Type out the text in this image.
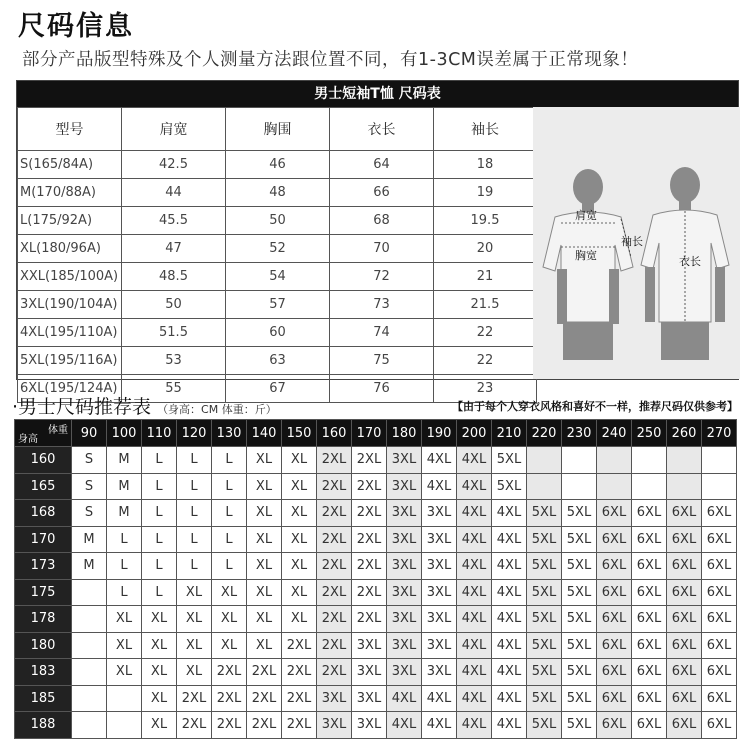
尺码信息
部分产品版型特殊及个人测量方法跟位置不同，有1-3CM误差属于正常现象！
男士短袖T恤 尺码表
型号	肩宽	胸围	衣长	袖长
S(165/84A)	42.5	46	64	18
M(170/88A)	44	48	66	19
L(175/92A)	45.5	50	68	19.5
XL(180/96A)	47	52	70	20
XXL(185/100A)	48.5	54	72	21
3XL(190/104A)	50	57	73	21.5
4XL(195/110A)	51.5	60	74	22
5XL(195/116A)	53	63	75	22
6XL(195/124A)	55	67	76	23
肩宽
胸宽
袖长
衣长
·男士尺码推荐表 （身高：CM 体重：斤）	【由于每个人穿衣风格和喜好不一样，推荐尺码仅供参考】
体重
身高	90	100	110	120	130	140	150	160	170	180	190	200	210	220	230	240	250	260	270
160	S	M	L	L	L	XL	XL	2XL	2XL	3XL	4XL	4XL	5XL						
165	S	M	L	L	L	XL	XL	2XL	2XL	3XL	4XL	4XL	5XL						
168	S	M	L	L	L	XL	XL	2XL	2XL	3XL	3XL	4XL	4XL	5XL	5XL	6XL	6XL	6XL	6XL
170	M	L	L	L	L	XL	XL	2XL	2XL	3XL	3XL	4XL	4XL	5XL	5XL	6XL	6XL	6XL	6XL
173	M	L	L	L	L	XL	XL	2XL	2XL	3XL	3XL	4XL	4XL	5XL	5XL	6XL	6XL	6XL	6XL
175		L	L	XL	XL	XL	XL	2XL	2XL	3XL	3XL	4XL	4XL	5XL	5XL	6XL	6XL	6XL	6XL
178		XL	XL	XL	XL	XL	XL	2XL	2XL	3XL	3XL	4XL	4XL	5XL	5XL	6XL	6XL	6XL	6XL
180		XL	XL	XL	XL	XL	2XL	2XL	3XL	3XL	3XL	4XL	4XL	5XL	5XL	6XL	6XL	6XL	6XL
183		XL	XL	XL	2XL	2XL	2XL	2XL	3XL	3XL	3XL	4XL	4XL	5XL	5XL	6XL	6XL	6XL	6XL
185			XL	2XL	2XL	2XL	2XL	3XL	3XL	4XL	4XL	4XL	4XL	5XL	5XL	6XL	6XL	6XL	6XL
188			XL	2XL	2XL	2XL	2XL	3XL	3XL	4XL	4XL	4XL	4XL	5XL	5XL	6XL	6XL	6XL	6XL
